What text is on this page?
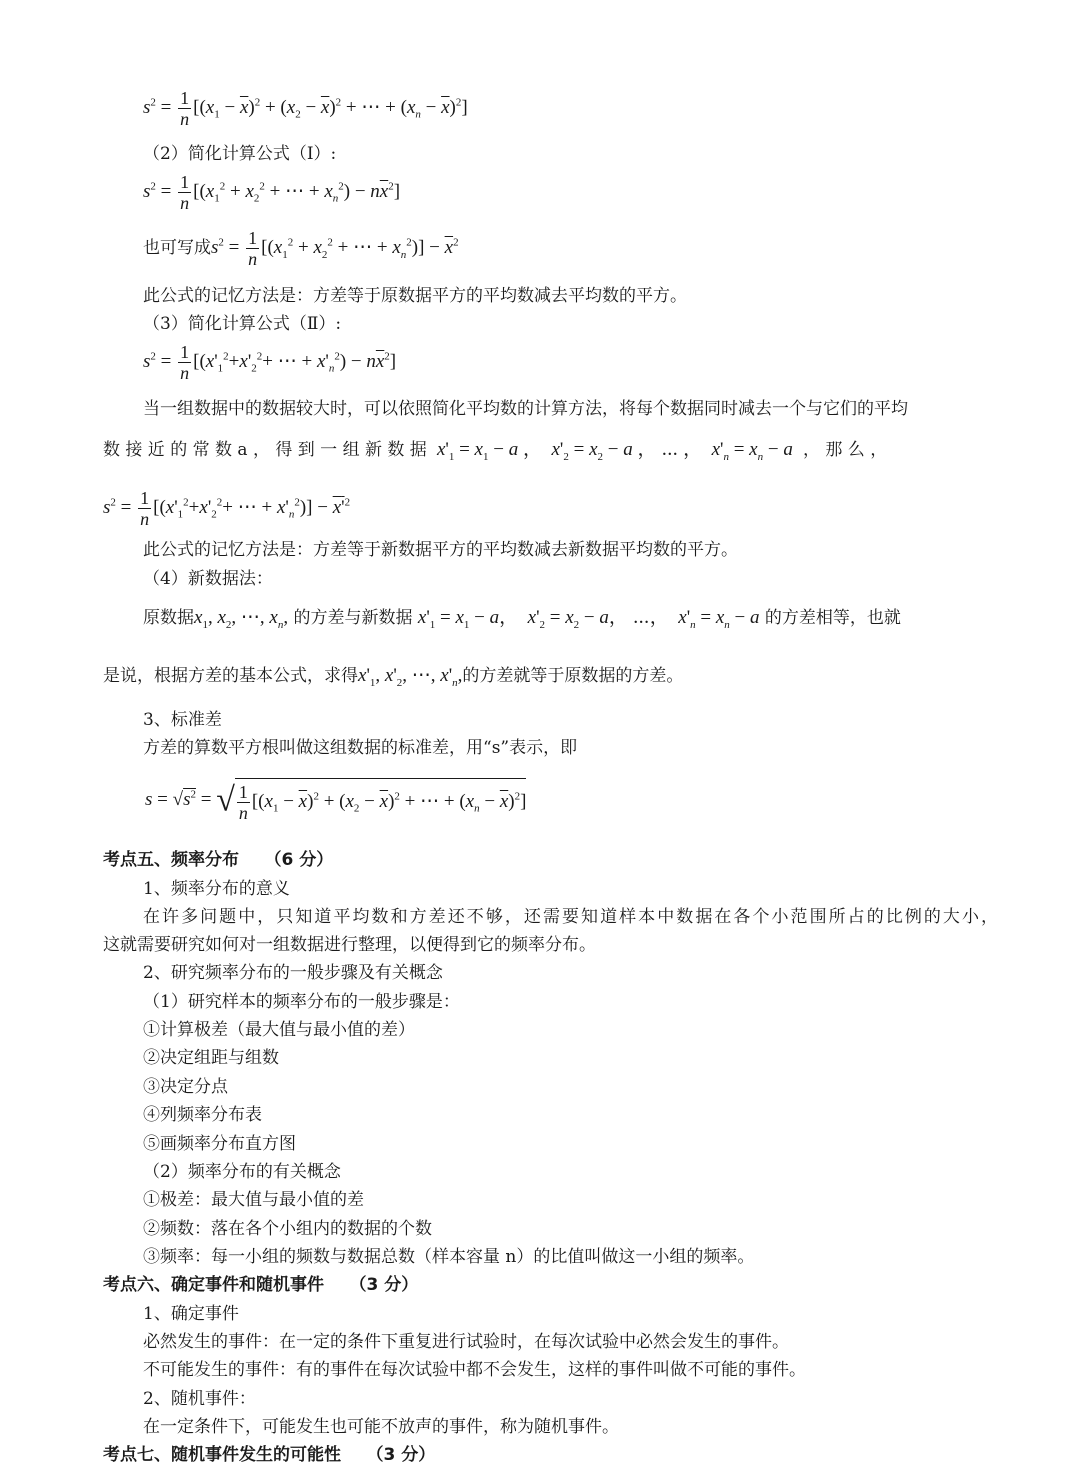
$s^2 = \frac{1}{n} [(x_1 - \overline{x})^2 + (x_2 - \overline{x})^2$ + ⋯ + $(x_n - \overline{x})^2$]
（2）简化计算公式（Ⅰ）:
$s^2 = \frac{1}{n} [(x_1^2 + x_2^2$ + ⋯ + $x_n^2) - n\overline{x}^2$]
也可写成$s^2 = \frac{1}{n} [(x_1^2 + x_2^2$ + ⋯ + $x_n^2)] - \overline{x}^2$
此公式的记忆方法是：方差等于原数据平方的平均数减去平均数的平方。
（3）简化计算公式（Ⅱ）:
$s^2 = \frac{1}{n} [(x'_1^2+x'_2^2+$ ⋯ + $x'_n^2) - n\overline{x}^2$]
当一组数据中的数据较大时，可以依照简化平均数的计算方法，将每个数据同时减去一个与它们的平均
数 接 近 的 常 数 a ， 得 到 一 组 新 数 据 $x'_1 = x_1 - a$ ，  $x'_2 = x_2 - a$ ， ⋯ ，  $x'_n = x_n - a$ ， 那 么 ，
$s^2 = \frac{1}{n} [(x'_1^2+x'_2^2+$ ⋯ + $x'_n^2)] - x'^2$
此公式的记忆方法是：方差等于新数据平方的平均数减去新数据平均数的平方。
（4）新数据法：
原数据$x_1$, $x_2$, ⋯, $x_n$, 的方差与新数据 $x'_1 = x_1 - a$，  $x'_2 = x_2 - a$， ⋯，  $x'_n = x_n - a$ 的方差相等，也就
是说，根据方差的基本公式，求得$x'_1$, $x'_2$, ⋯, $x'_n$,的方差就等于原数据的方差。
3、标准差
方差的算数平方根叫做这组数据的标准差，用“s”表示，即
$s = √s^2$ = √ $\frac{1}{n} [(x_1 - \overline{x})^2 + (x_2 - \overline{x})^2$ + ⋯ + $(x_n - \overline{x})^2$]
考点五、频率分布　　（6 分）
1、频率分布的意义
在许多问题中，只知道平均数和方差还不够，还需要知道样本中数据在各个小范围所占的比例的大小，
这就需要研究如何对一组数据进行整理，以便得到它的频率分布。
2、研究频率分布的一般步骤及有关概念
（1）研究样本的频率分布的一般步骤是：
①计算极差（最大值与最小值的差）
②决定组距与组数
③决定分点
④列频率分布表
⑤画频率分布直方图
（2）频率分布的有关概念
①极差：最大值与最小值的差
②频数：落在各个小组内的数据的个数
③频率：每一小组的频数与数据总数（样本容量 n）的比值叫做这一小组的频率。
考点六、确定事件和随机事件　　（3 分）
1、确定事件
必然发生的事件：在一定的条件下重复进行试验时，在每次试验中必然会发生的事件。
不可能发生的事件：有的事件在每次试验中都不会发生，这样的事件叫做不可能的事件。
2、随机事件：
在一定条件下，可能发生也可能不放声的事件，称为随机事件。
考点七、随机事件发生的可能性　　（3 分）
